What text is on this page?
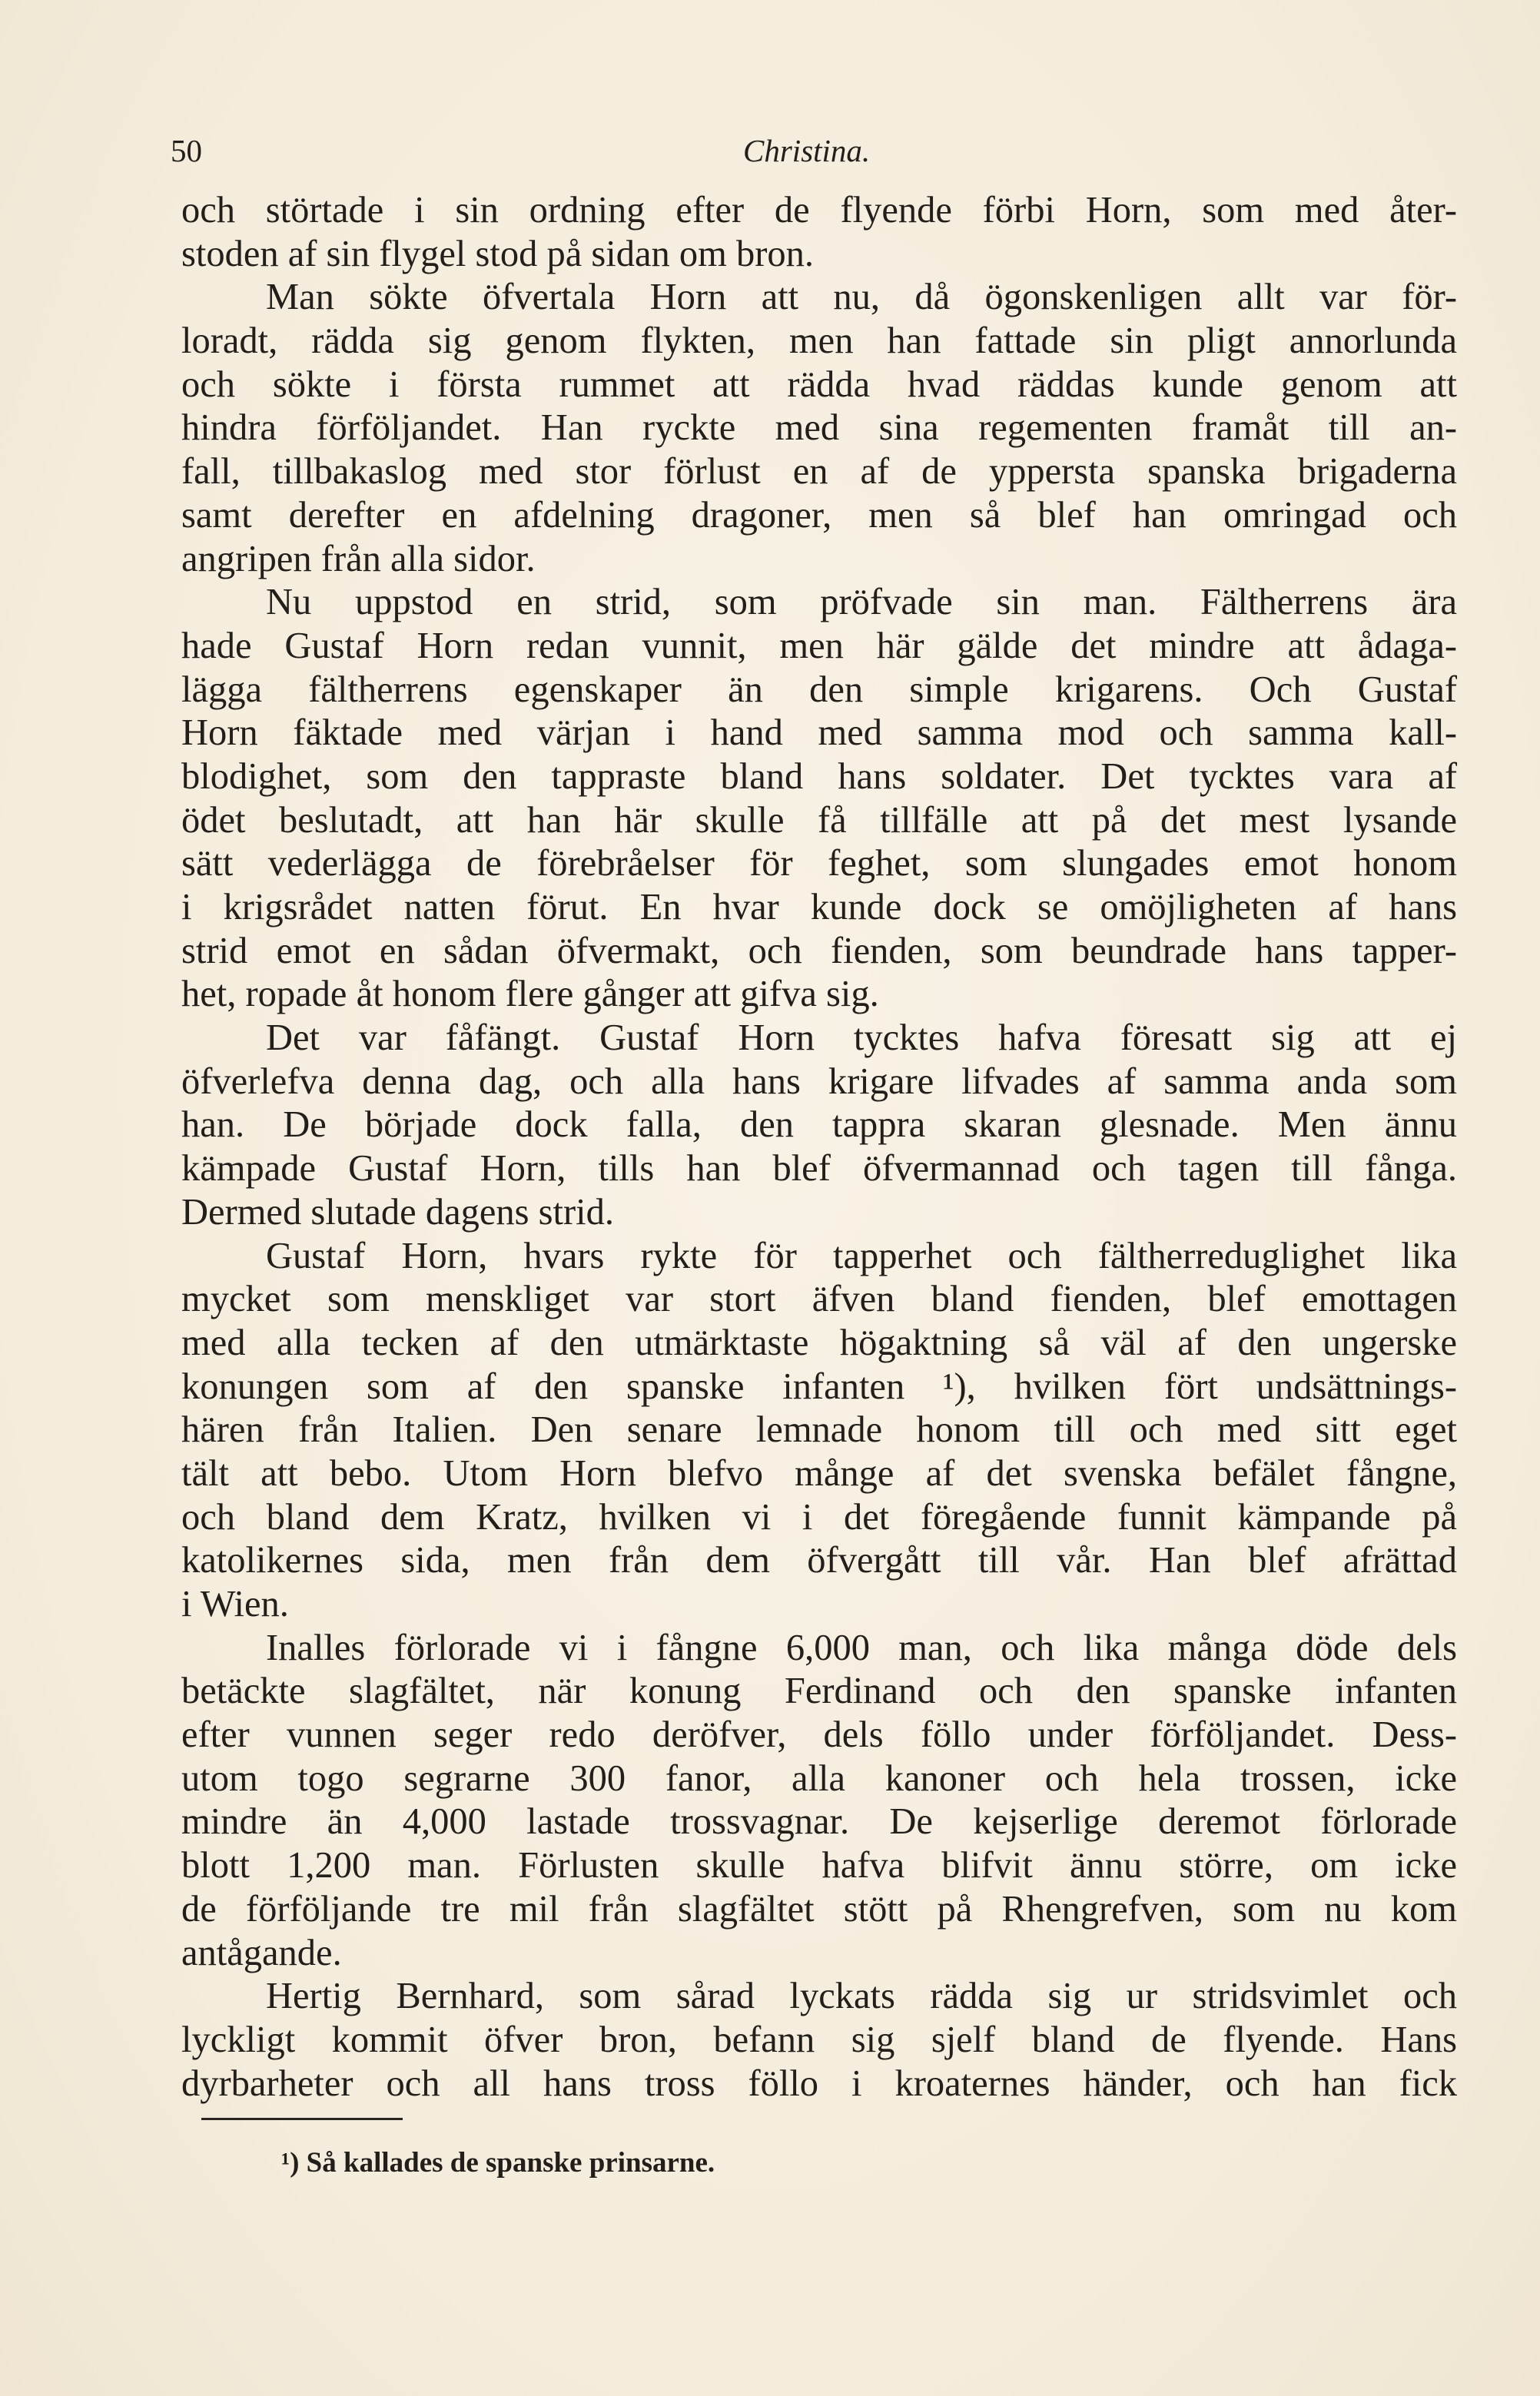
50	Christina.
och störtade i sin ordning efter de flyende förbi Horn, som med åter-
stoden af sin flygel stod på sidan om bron.
Man sökte öfvertala Horn att nu, då ögonskenligen allt var för-
loradt, rädda sig genom flykten, men han fattade sin pligt annorlunda
och sökte i första rummet att rädda hvad räddas kunde genom att
hindra förföljandet. Han ryckte med sina regementen framåt till an-
fall, tillbakaslog med stor förlust en af de yppersta spanska brigaderna
samt derefter en afdelning dragoner, men så blef han omringad och
angripen från alla sidor.
Nu uppstod en strid, som pröfvade sin man. Fältherrens ära
hade Gustaf Horn redan vunnit, men här gälde det mindre att ådaga-
lägga fältherrens egenskaper än den simple krigarens. Och Gustaf
Horn fäktade med värjan i hand med samma mod och samma kall-
blodighet, som den tappraste bland hans soldater. Det tycktes vara af
ödet beslutadt, att han här skulle få tillfälle att på det mest lysande
sätt vederlägga de förebråelser för feghet, som slungades emot honom
i krigsrådet natten förut. En hvar kunde dock se omöjligheten af hans
strid emot en sådan öfvermakt, och fienden, som beundrade hans tapper-
het, ropade åt honom flere gånger att gifva sig.
Det var fåfängt. Gustaf Horn tycktes hafva föresatt sig att ej
öfverlefva denna dag, och alla hans krigare lifvades af samma anda som
han. De började dock falla, den tappra skaran glesnade. Men ännu
kämpade Gustaf Horn, tills han blef öfvermannad och tagen till fånga.
Dermed slutade dagens strid.
Gustaf Horn, hvars rykte för tapperhet och fältherreduglighet lika
mycket som menskliget var stort äfven bland fienden, blef emottagen
med alla tecken af den utmärktaste högaktning så väl af den ungerske
konungen som af den spanske infanten ¹), hvilken fört undsättnings-
hären från Italien. Den senare lemnade honom till och med sitt eget
tält att bebo. Utom Horn blefvo månge af det svenska befälet fångne,
och bland dem Kratz, hvilken vi i det föregående funnit kämpande på
katolikernes sida, men från dem öfvergått till vår. Han blef afrättad
i Wien.
Inalles förlorade vi i fångne 6,000 man, och lika många döde dels
betäckte slagfältet, när konung Ferdinand och den spanske infanten
efter vunnen seger redo deröfver, dels föllo under förföljandet. Dess-
utom togo segrarne 300 fanor, alla kanoner och hela trossen, icke
mindre än 4,000 lastade trossvagnar. De kejserlige deremot förlorade
blott 1,200 man. Förlusten skulle hafva blifvit ännu större, om icke
de förföljande tre mil från slagfältet stött på Rhengrefven, som nu kom
antågande.
Hertig Bernhard, som sårad lyckats rädda sig ur stridsvimlet och
lyckligt kommit öfver bron, befann sig sjelf bland de flyende. Hans
dyrbarheter och all hans tross föllo i kroaternes händer, och han fick
¹) Så kallades de spanske prinsarne.
